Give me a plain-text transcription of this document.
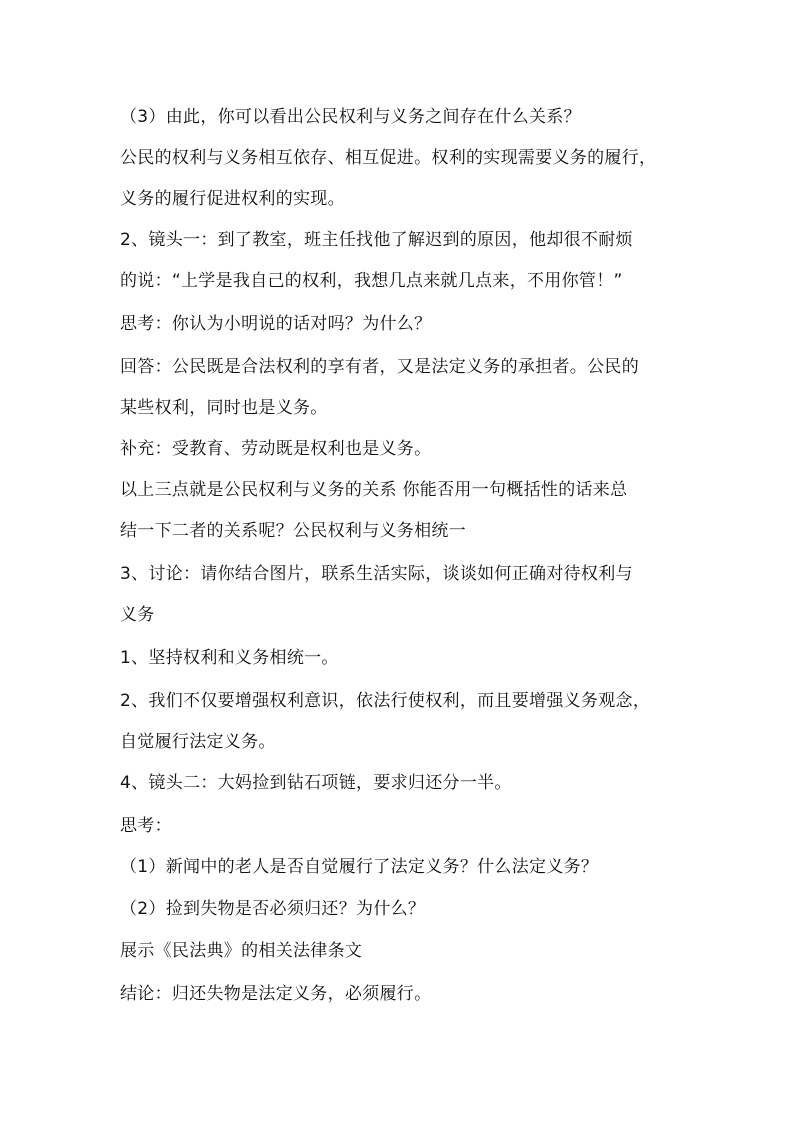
（3）由此，你可以看出公民权利与义务之间存在什么关系？
公民的权利与义务相互依存、相互促进。权利的实现需要义务的履行，
义务的履行促进权利的实现。
2、镜头一：到了教室，班主任找他了解迟到的原因，他却很不耐烦
的说：“上学是我自己的权利，我想几点来就几点来，不用你管！”
思考：你认为小明说的话对吗？为什么？
回答：公民既是合法权利的享有者，又是法定义务的承担者。公民的
某些权利，同时也是义务。
补充：受教育、劳动既是权利也是义务。
以上三点就是公民权利与义务的关系 你能否用一句概括性的话来总
结一下二者的关系呢？公民权利与义务相统一
3、讨论：请你结合图片，联系生活实际，谈谈如何正确对待权利与
义务
1、坚持权利和义务相统一。
2、我们不仅要增强权利意识，依法行使权利，而且要增强义务观念，
自觉履行法定义务。
4、镜头二：大妈捡到钻石项链，要求归还分一半。
思考：
（1）新闻中的老人是否自觉履行了法定义务？什么法定义务？
（2）捡到失物是否必须归还？为什么？
展示《民法典》的相关法律条文
结论：归还失物是法定义务，必须履行。
